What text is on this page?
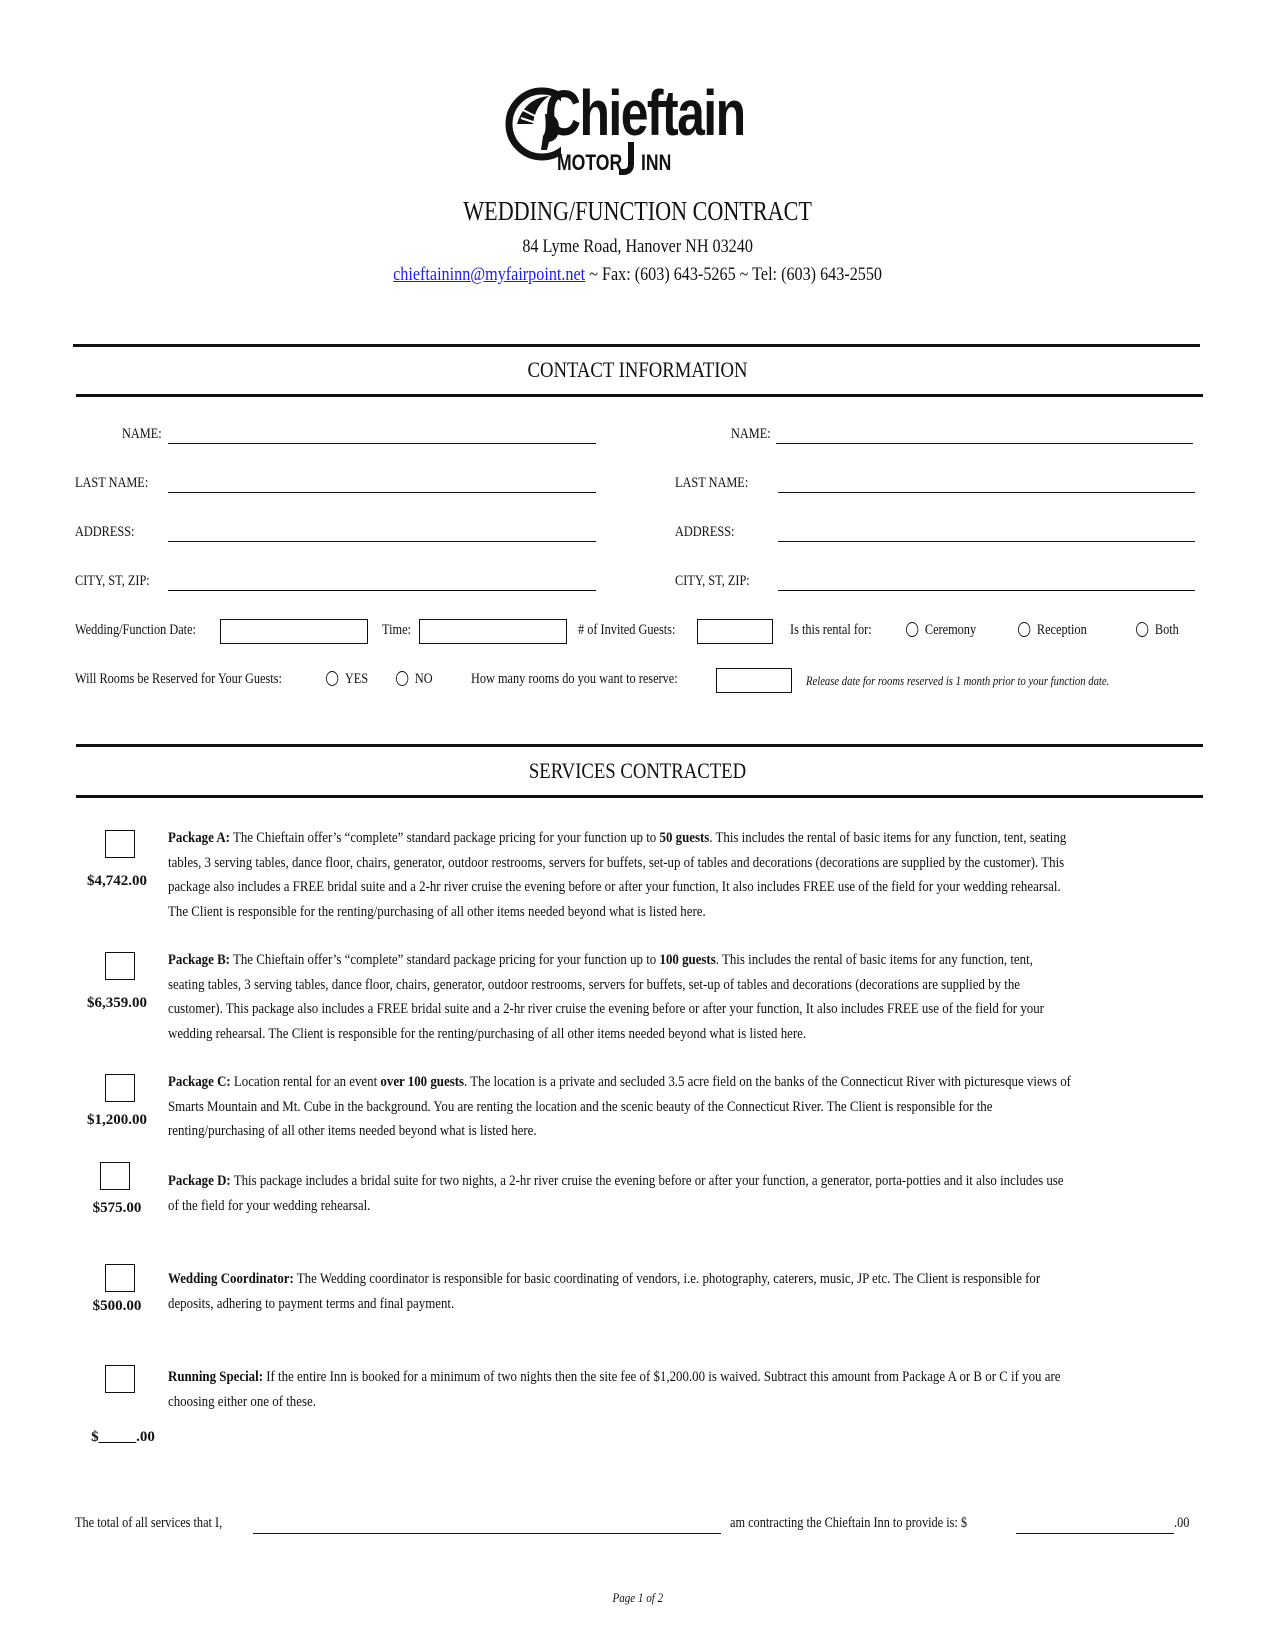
Chieftain
MOTOR INN
WEDDING/FUNCTION CONTRACT
84 Lyme Road, Hanover NH 03240
chieftaininn@myfairpoint.net ~ Fax: (603) 643-5265 ~ Tel: (603) 643-2550
CONTACT INFORMATION
NAME:
LAST NAME:
ADDRESS:
CITY, ST, ZIP:
NAME:
LAST NAME:
ADDRESS:
CITY, ST, ZIP:
Wedding/Function Date:	Time:	# of Invited Guests:	Is this rental for:	Ceremony	Reception	Both
Will Rooms be Reserved for Your Guests:	YES	NO	How many rooms do you want to reserve:	Release date for rooms reserved is 1 month prior to your function date.
SERVICES CONTRACTED
$4,742.00
Package A: The Chieftain offer’s “complete” standard package pricing for your function up to 50 guests. This includes the rental of basic items for any function, tent, seating tables, 3 serving tables, dance floor, chairs, generator, outdoor restrooms, servers for buffets, set-up of tables and decorations (decorations are supplied by the customer). This package also includes a FREE bridal suite and a 2-hr river cruise the evening before or after your function, It also includes FREE use of the field for your wedding rehearsal. The Client is responsible for the renting/purchasing of all other items needed beyond what is listed here.
$6,359.00
Package B: The Chieftain offer’s “complete” standard package pricing for your function up to 100 guests. This includes the rental of basic items for any function, tent, seating tables, 3 serving tables, dance floor, chairs, generator, outdoor restrooms, servers for buffets, set-up of tables and decorations (decorations are supplied by the customer). This package also includes a FREE bridal suite and a 2-hr river cruise the evening before or after your function, It also includes FREE use of the field for your wedding rehearsal. The Client is responsible for the renting/purchasing of all other items needed beyond what is listed here.
$1,200.00
Package C: Location rental for an event over 100 guests. The location is a private and secluded 3.5 acre field on the banks of the Connecticut River with picturesque views of Smarts Mountain and Mt. Cube in the background. You are renting the location and the scenic beauty of the Connecticut River. The Client is responsible for the renting/purchasing of all other items needed beyond what is listed here.
$575.00
Package D: This package includes a bridal suite for two nights, a 2-hr river cruise the evening before or after your function, a generator, porta-potties and it also includes use of the field for your wedding rehearsal.
$500.00
Wedding Coordinator: The Wedding coordinator is responsible for basic coordinating of vendors, i.e. photography, caterers, music, JP etc. The Client is responsible for deposits, adhering to payment terms and final payment.
$_____.00
Running Special: If the entire Inn is booked for a minimum of two nights then the site fee of $1,200.00 is waived. Subtract this amount from Package A or B or C if you are choosing either one of these.
The total of all services that I,	am contracting the Chieftain Inn to provide is: $	.00
Page 1 of 2
